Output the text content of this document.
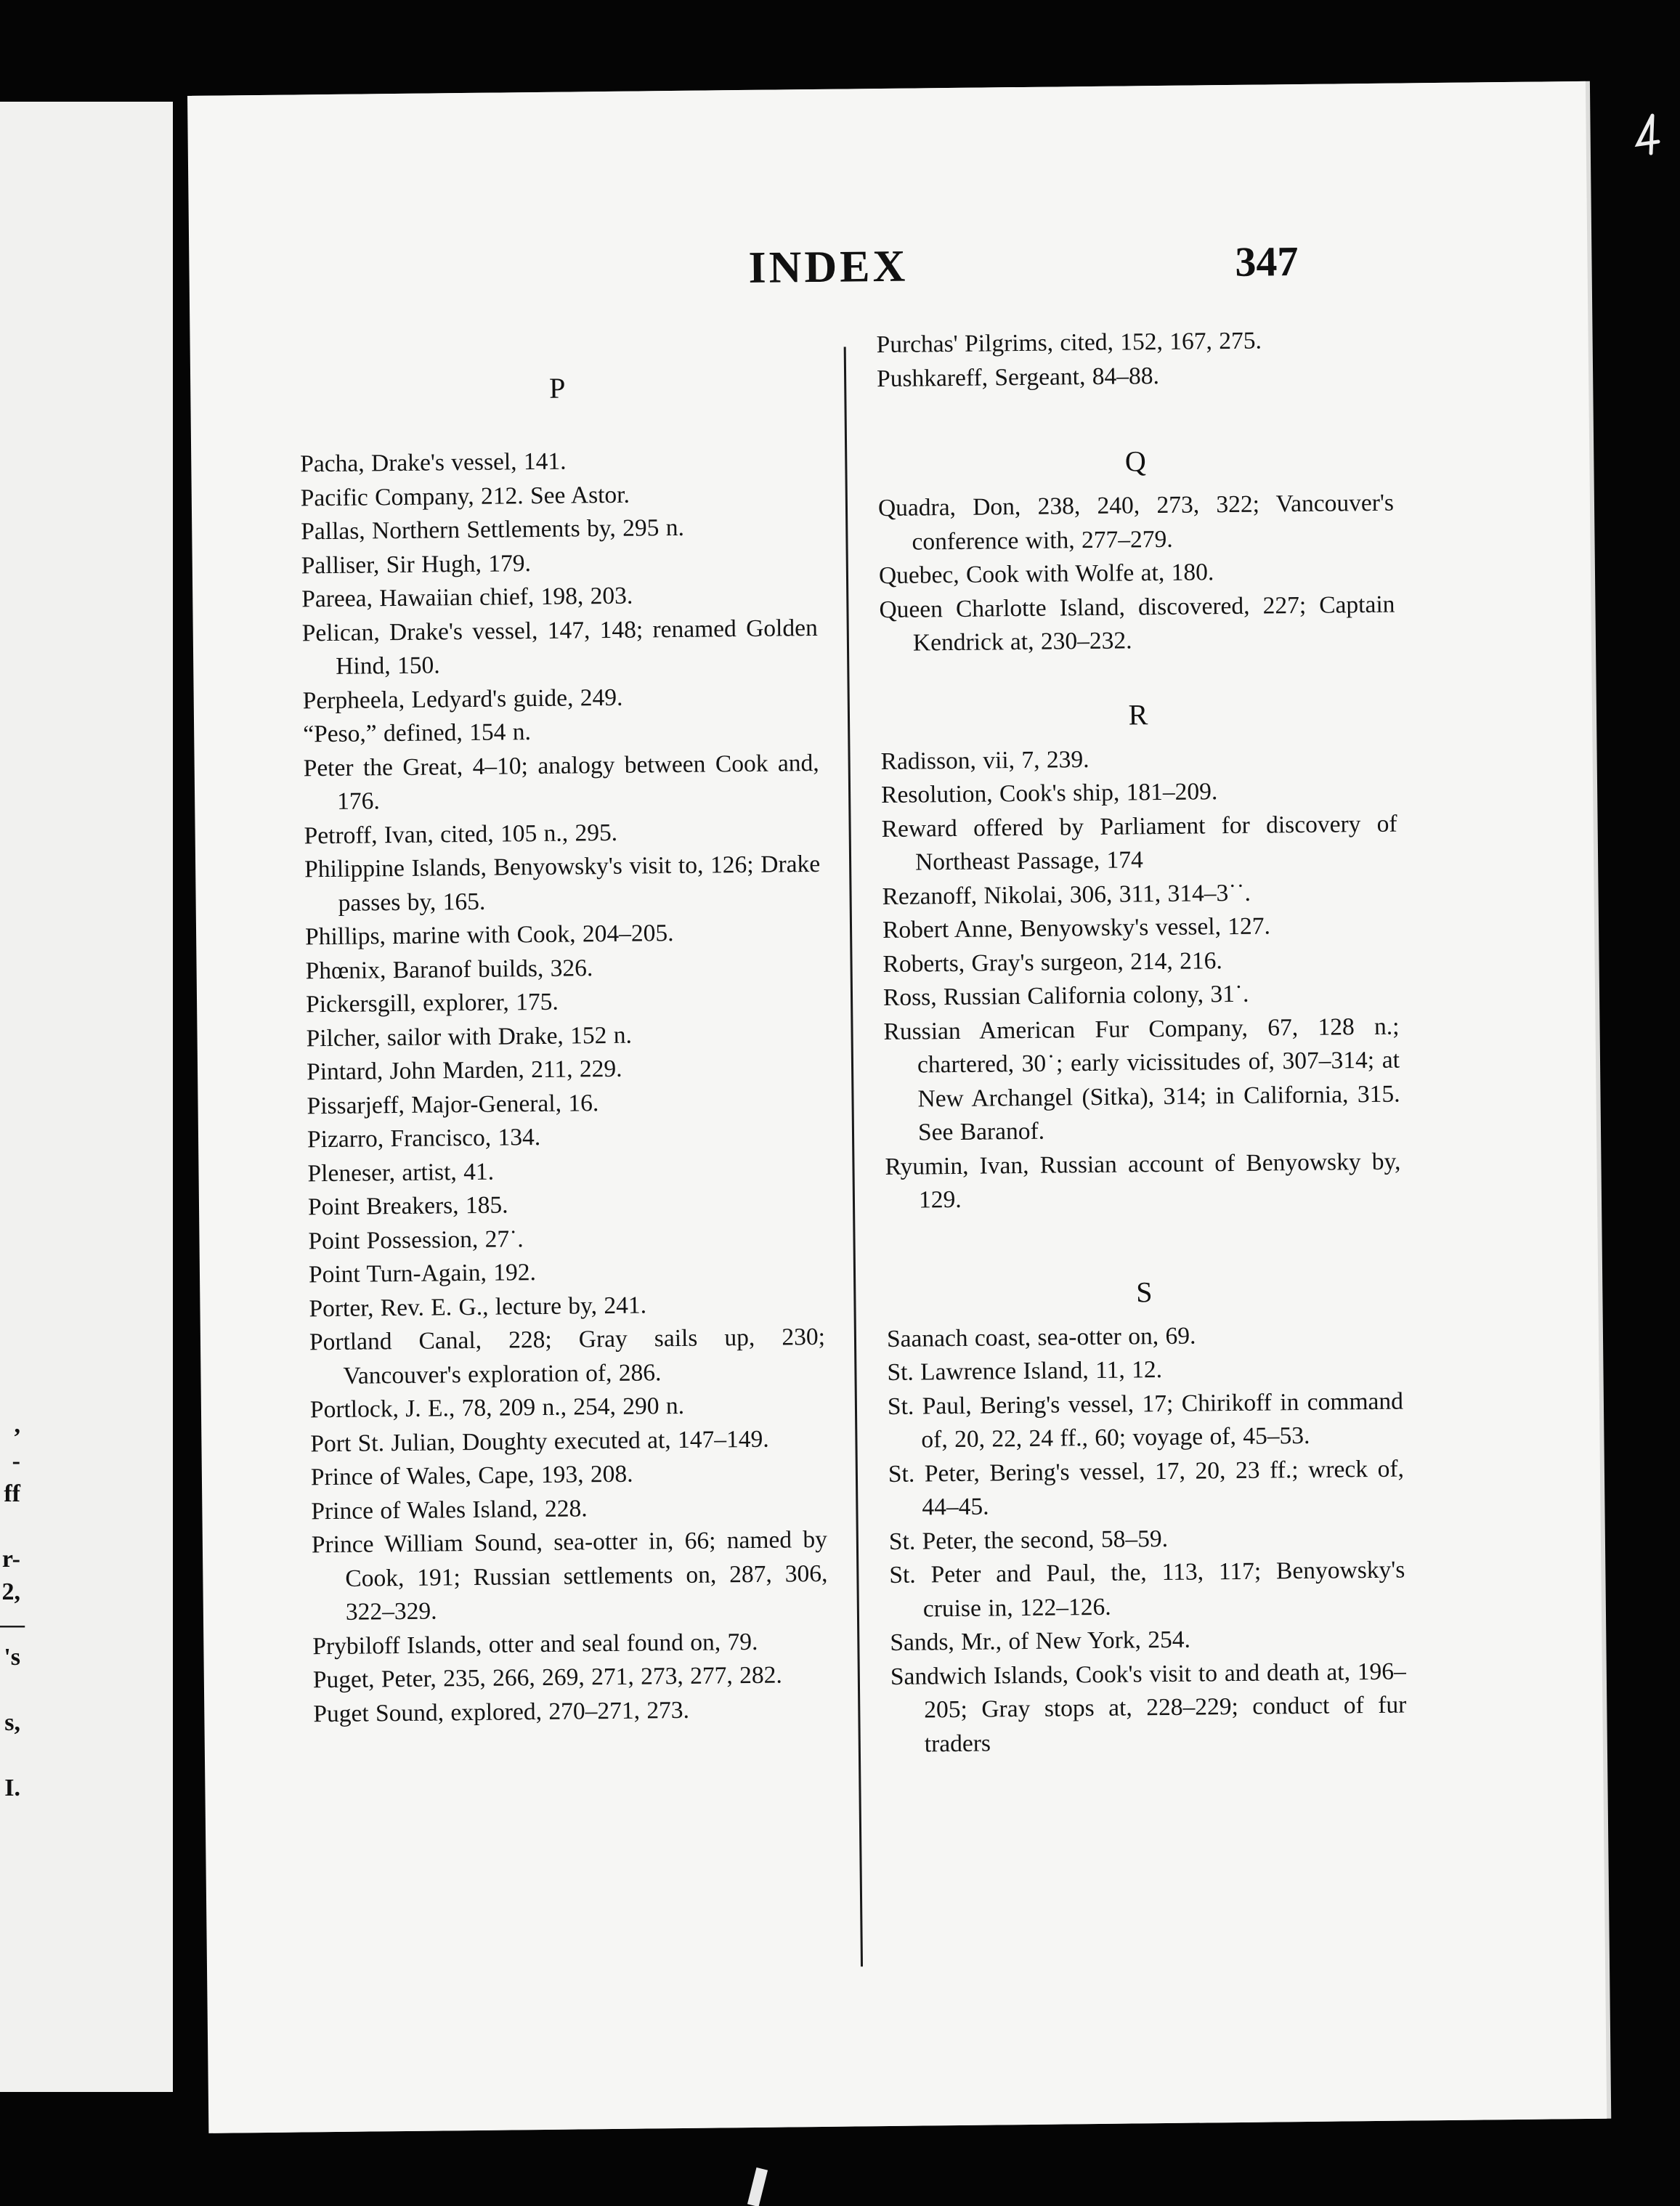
,
-
ff
r-
2,
—
's
s,
I.
INDEX	347
P
Pacha, Drake's vessel, 141.
Pacific Company, 212. See Astor.
Pallas, Northern Settlements by, 295 n.
Palliser, Sir Hugh, 179.
Pareea, Hawaiian chief, 198, 203.
Pelican, Drake's vessel, 147, 148; renamed Golden Hind, 150.
Perpheela, Ledyard's guide, 249.
“Peso,” defined, 154 n.
Peter the Great, 4–10; analogy between Cook and, 176.
Petroff, Ivan, cited, 105 n., 295.
Philippine Islands, Benyowsky's visit to, 126; Drake passes by, 165.
Phillips, marine with Cook, 204–205.
Phœnix, Baranof builds, 326.
Pickersgill, explorer, 175.
Pilcher, sailor with Drake, 152 n.
Pintard, John Marden, 211, 229.
Pissarjeff, Major-General, 16.
Pizarro, Francisco, 134.
Pleneser, artist, 41.
Point Breakers, 185.
Point Possession, 27˙.
Point Turn-Again, 192.
Porter, Rev. E. G., lecture by, 241.
Portland Canal, 228; Gray sails up, 230; Vancouver's exploration of, 286.
Portlock, J. E., 78, 209 n., 254, 290 n.
Port St. Julian, Doughty executed at, 147–149.
Prince of Wales, Cape, 193, 208.
Prince of Wales Island, 228.
Prince William Sound, sea-otter in, 66; named by Cook, 191; Russian settlements on, 287, 306, 322–329.
Prybiloff Islands, otter and seal found on, 79.
Puget, Peter, 235, 266, 269, 271, 273, 277, 282.
Puget Sound, explored, 270–271, 273.
Purchas' Pilgrims, cited, 152, 167, 275.
Pushkareff, Sergeant, 84–88.
Q
Quadra, Don, 238, 240, 273, 322; Vancouver's conference with, 277–279.
Quebec, Cook with Wolfe at, 180.
Queen Charlotte Island, discovered, 227; Captain Kendrick at, 230–232.
R
Radisson, vii, 7, 239.
Resolution, Cook's ship, 181–209.
Reward offered by Parliament for discovery of Northeast Passage, 174
Rezanoff, Nikolai, 306, 311, 314–3˙˙.
Robert Anne, Benyowsky's vessel, 127.
Roberts, Gray's surgeon, 214, 216.
Ross, Russian California colony, 31˙.
Russian American Fur Company, 67, 128 n.; chartered, 30˙; early vicissitudes of, 307–314; at New Archangel (Sitka), 314; in California, 315. See Baranof.
Ryumin, Ivan, Russian account of Benyowsky by, 129.
S
Saanach coast, sea-otter on, 69.
St. Lawrence Island, 11, 12.
St. Paul, Bering's vessel, 17; Chirikoff in command of, 20, 22, 24 ff., 60; voyage of, 45–53.
St. Peter, Bering's vessel, 17, 20, 23 ff.; wreck of, 44–45.
St. Peter, the second, 58–59.
St. Peter and Paul, the, 113, 117; Benyowsky's cruise in, 122–126.
Sands, Mr., of New York, 254.
Sandwich Islands, Cook's visit to and death at, 196–205; Gray stops at, 228–229; conduct of fur traders
